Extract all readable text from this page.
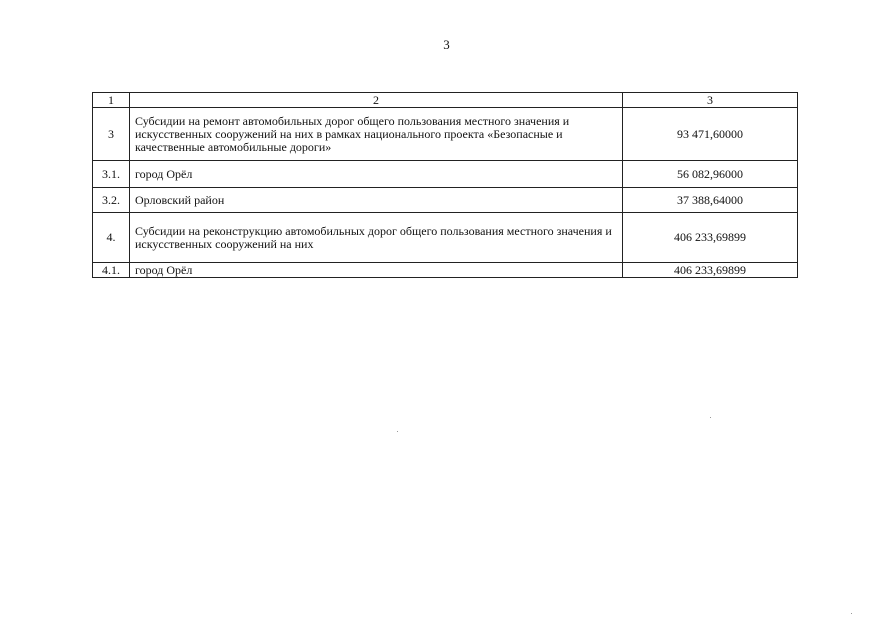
3
1	2	3
3	Субсидии на ремонт автомобильных дорог общего пользования местного значения и искусственных сооружений на них в рамках национального проекта «Безопасные и качественные автомобильные дороги»	93 471,60000
3.1.	город Орёл	56 082,96000
3.2.	Орловский район	37 388,64000
4.	Субсидии на реконструкцию автомобильных дорог общего пользования местного значения и искусственных сооружений на них	406 233,69899
4.1.	город Орёл	406 233,69899
